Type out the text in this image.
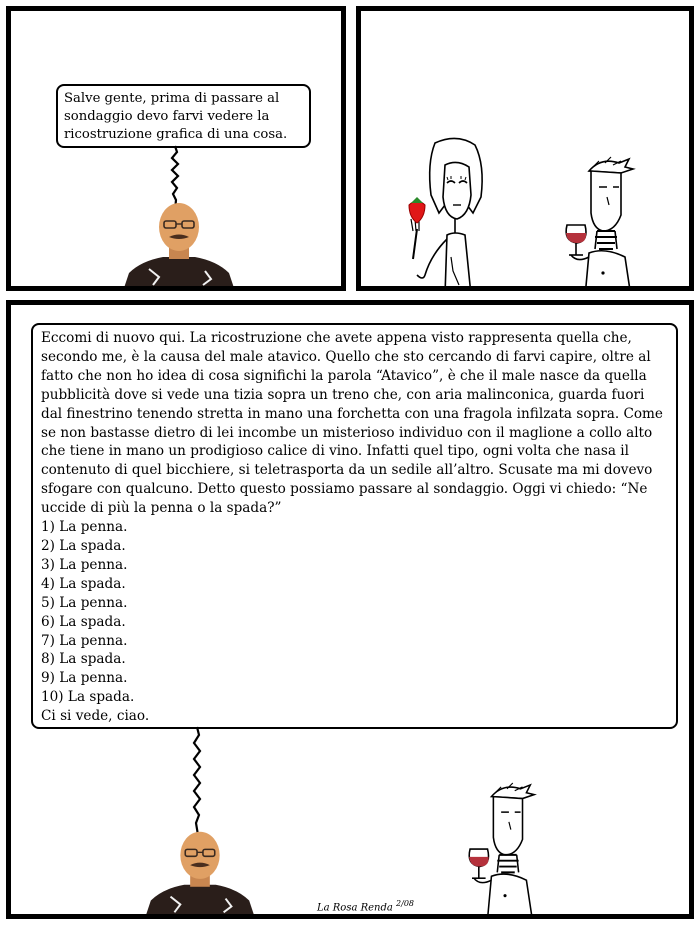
Salve gente, prima di passare al sondaggio devo farvi vedere la ricostruzione grafica di una cosa.

Eccomi di nuovo qui. La ricostruzione che avete appena visto rappresenta quella che, secondo me, è la causa del male atavico. Quello che sto cercando di farvi capire, oltre al fatto che non ho idea di cosa significhi la parola “Atavico”, è che il male nasce da quella pubblicità dove si vede una tizia sopra un treno che, con aria malinconica, guarda fuori dal finestrino tenendo stretta in mano una forchetta con una fragola infilzata sopra. Come se non bastasse dietro di lei incombe un misterioso individuo con il maglione a collo alto che tiene in mano un prodigioso calice di vino. Infatti quel tipo, ogni volta che nasa il contenuto di quel bicchiere, si teletrasporta da un sedile all’altro. Scusate ma mi dovevo sfogare con qualcuno. Detto questo possiamo passare al sondaggio. Oggi vi chiedo: “Ne uccide di più la penna o la spada?”

1) La penna.

2) La spada.

3) La penna.

4) La spada.

5) La penna.

6) La spada.

7) La penna.

8) La spada.

9) La penna.

10) La spada.

Ci si vede, ciao.

La Rosa Renda $^{2/08}$
